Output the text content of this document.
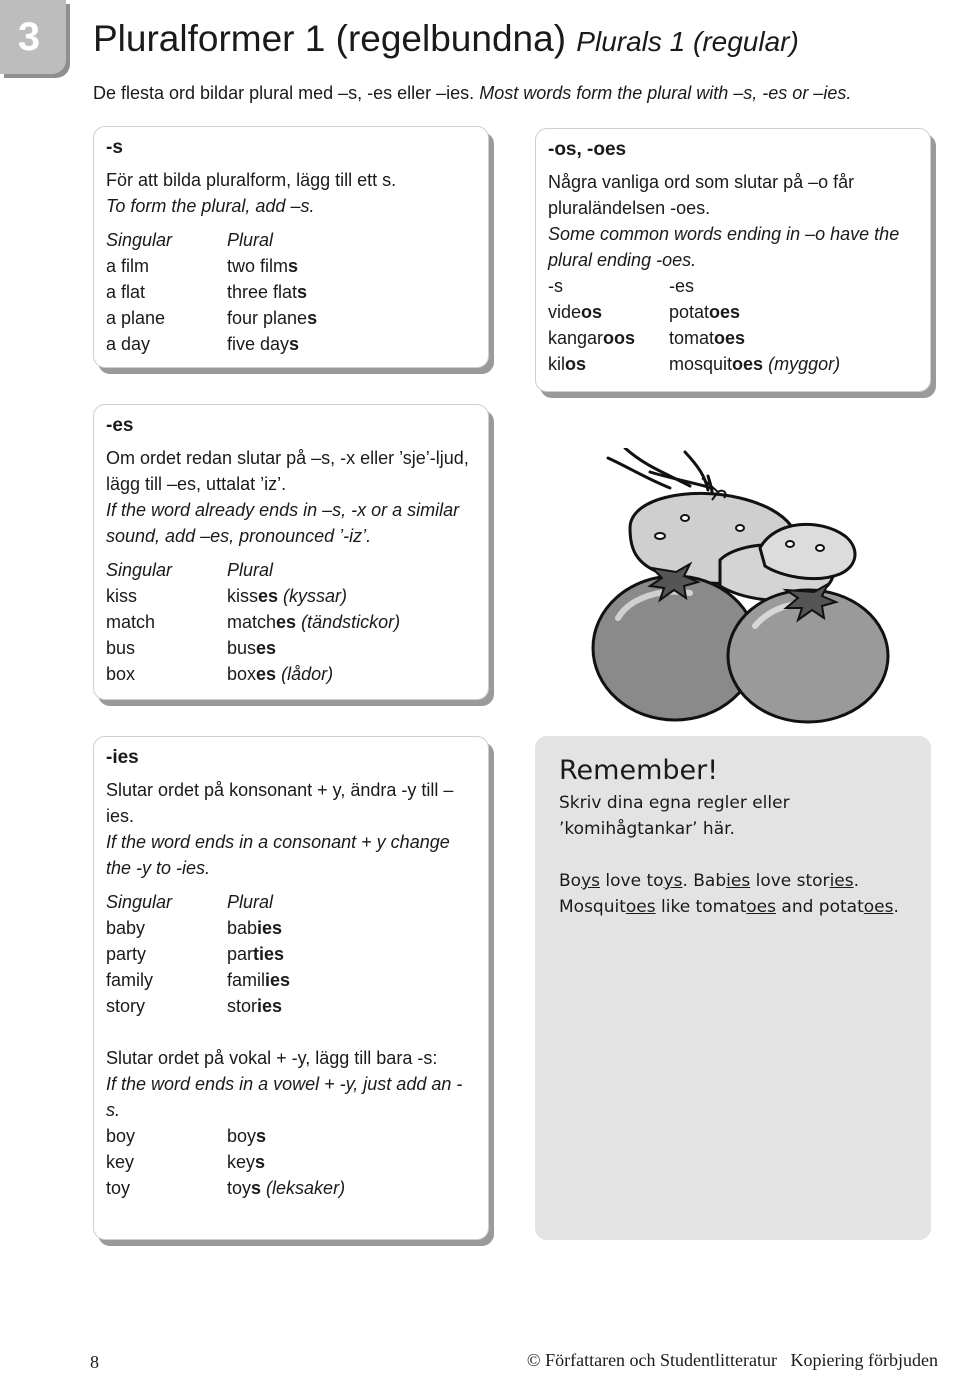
3 Pluralformer 1 (regelbundna) Plurals 1 (regular)
De flesta ord bildar plural med –s, -es eller –ies. Most words form the plural with –s, -es or –ies.
-s
För att bilda pluralform, lägg till ett s.
To form the plural, add –s.
Singular	Plural
a film	two films
a flat	three flats
a plane	four planes
a day	five days
-os, -oes
Några vanliga ord som slutar på –o får pluraländelsen -oes.
Some common words ending in –o have the plural ending -oes.
-s	-es
videos	potatoes
kangaroos	tomatoes
kilos	mosquitoes (myggor)
-es
Om ordet redan slutar på –s, -x eller ’sje’-ljud, lägg till –es, uttalat ’iz’.
If the word already ends in –s, -x or a similar sound, add –es, pronounced ’-iz’.
Singular	Plural
kiss	kisses (kyssar)
match	matches (tändstickor)
bus	buses
box	boxes (lådor)
-ies
Slutar ordet på konsonant + y, ändra -y till –ies.
If the word ends in a consonant + y change the -y to -ies.
Singular	Plural
baby	babies
party	parties
family	families
story	stories
Slutar ordet på vokal + -y, lägg till bara -s:
If the word ends in a vowel + -y, just add an -s.
boy	boys
key	keys
toy	toys (leksaker)
Remember!

Skriv dina egna regler eller ’komihågtankar’ här.

Boys love toys. Babies love stories.
Mosquitoes like tomatoes and potatoes.
8	© Författaren och Studentlitteratur Kopiering förbjuden
